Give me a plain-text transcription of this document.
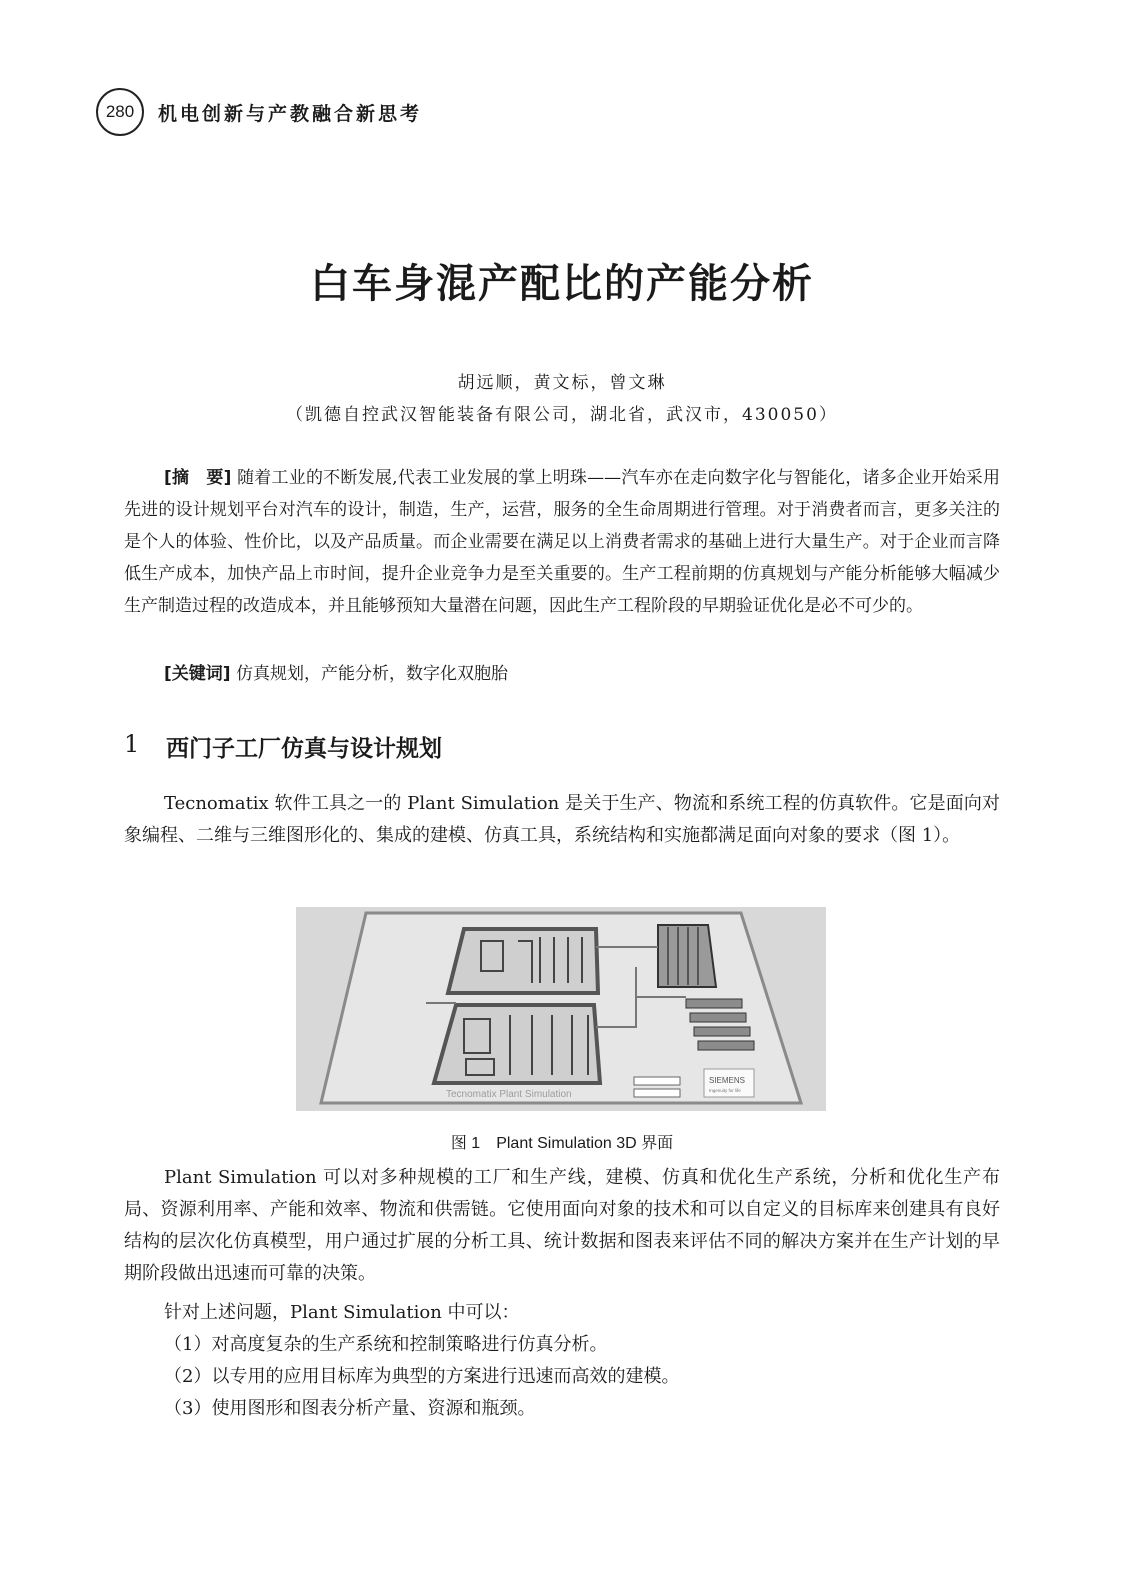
280	机电创新与产教融合新思考
白车身混产配比的产能分析
胡远顺，黄文标，曾文琳
（凯德自控武汉智能装备有限公司，湖北省，武汉市，430050）
[摘　要] 随着工业的不断发展,代表工业发展的掌上明珠——汽车亦在走向数字化与智能化，诸多企业开始采用先进的设计规划平台对汽车的设计，制造，生产，运营，服务的全生命周期进行管理。对于消费者而言，更多关注的是个人的体验、性价比，以及产品质量。而企业需要在满足以上消费者需求的基础上进行大量生产。对于企业而言降低生产成本，加快产品上市时间，提升企业竞争力是至关重要的。生产工程前期的仿真规划与产能分析能够大幅减少生产制造过程的改造成本，并且能够预知大量潜在问题，因此生产工程阶段的早期验证优化是必不可少的。
[关键词] 仿真规划，产能分析，数字化双胞胎
1 西门子工厂仿真与设计规划
Tecnomatix 软件工具之一的 Plant Simulation 是关于生产、物流和系统工程的仿真软件。它是面向对象编程、二维与三维图形化的、集成的建模、仿真工具，系统结构和实施都满足面向对象的要求（图 1）。
SIEMENS
Ingenuity for life
Tecnomatix Plant Simulation
图 1　Plant Simulation 3D 界面
Plant Simulation 可以对多种规模的工厂和生产线，建模、仿真和优化生产系统，分析和优化生产布局、资源利用率、产能和效率、物流和供需链。它使用面向对象的技术和可以自定义的目标库来创建具有良好结构的层次化仿真模型，用户通过扩展的分析工具、统计数据和图表来评估不同的解决方案并在生产计划的早期阶段做出迅速而可靠的决策。
针对上述问题，Plant Simulation 中可以：
（1）对高度复杂的生产系统和控制策略进行仿真分析。
（2）以专用的应用目标库为典型的方案进行迅速而高效的建模。
（3）使用图形和图表分析产量、资源和瓶颈。
